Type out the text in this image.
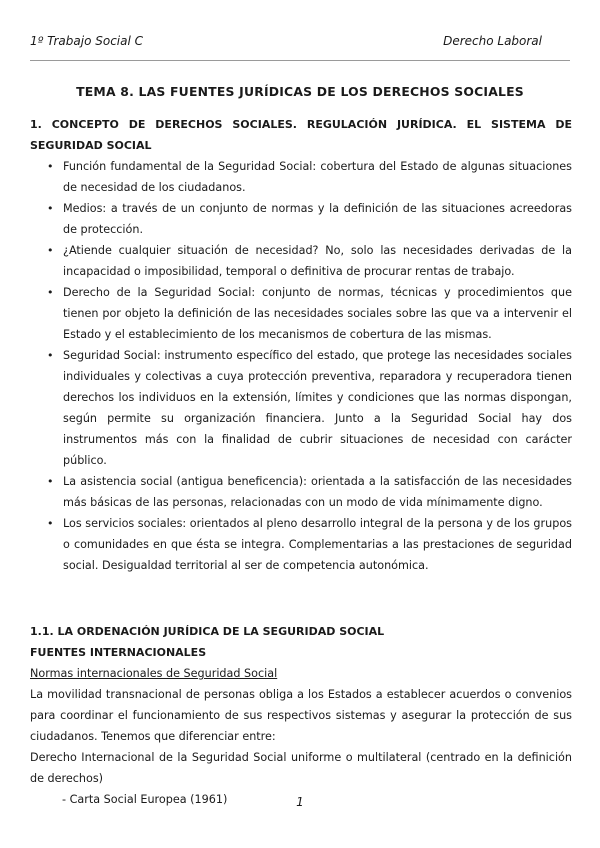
1º Trabajo Social C	Derecho Laboral
TEMA 8. LAS FUENTES JURÍDICAS DE LOS DERECHOS SOCIALES
1. CONCEPTO DE DERECHOS SOCIALES. REGULACIÓN JURÍDICA. EL SISTEMA DE SEGURIDAD SOCIAL
• Función fundamental de la Seguridad Social: cobertura del Estado de algunas situaciones de necesidad de los ciudadanos.
• Medios: a través de un conjunto de normas y la definición de las situaciones acreedoras de protección.
• ¿Atiende cualquier situación de necesidad? No, solo las necesidades derivadas de la incapacidad o imposibilidad, temporal o definitiva de procurar rentas de trabajo.
• Derecho de la Seguridad Social: conjunto de normas, técnicas y procedimientos que tienen por objeto la definición de las necesidades sociales sobre las que va a intervenir el Estado y el establecimiento de los mecanismos de cobertura de las mismas.
• Seguridad Social: instrumento específico del estado, que protege las necesidades sociales individuales y colectivas a cuya protección preventiva, reparadora y recuperadora tienen derechos los individuos en la extensión, límites y condiciones que las normas dispongan, según permite su organización financiera. Junto a la Seguridad Social hay dos instrumentos más con la finalidad de cubrir situaciones de necesidad con carácter público.
• La asistencia social (antigua beneficencia): orientada a la satisfacción de las necesidades más básicas de las personas, relacionadas con un modo de vida mínimamente digno.
• Los servicios sociales: orientados al pleno desarrollo integral de la persona y de los grupos o comunidades en que ésta se integra. Complementarias a las prestaciones de seguridad social. Desigualdad territorial al ser de competencia autonómica.
1.1. LA ORDENACIÓN JURÍDICA DE LA SEGURIDAD SOCIAL
FUENTES INTERNACIONALES
Normas internacionales de Seguridad Social

La movilidad transnacional de personas obliga a los Estados a establecer acuerdos o convenios para coordinar el funcionamiento de sus respectivos sistemas y asegurar la protección de sus ciudadanos. Tenemos que diferenciar entre:

Derecho Internacional de la Seguridad Social uniforme o multilateral (centrado en la definición de derechos)

- Carta Social Europea (1961)	1
